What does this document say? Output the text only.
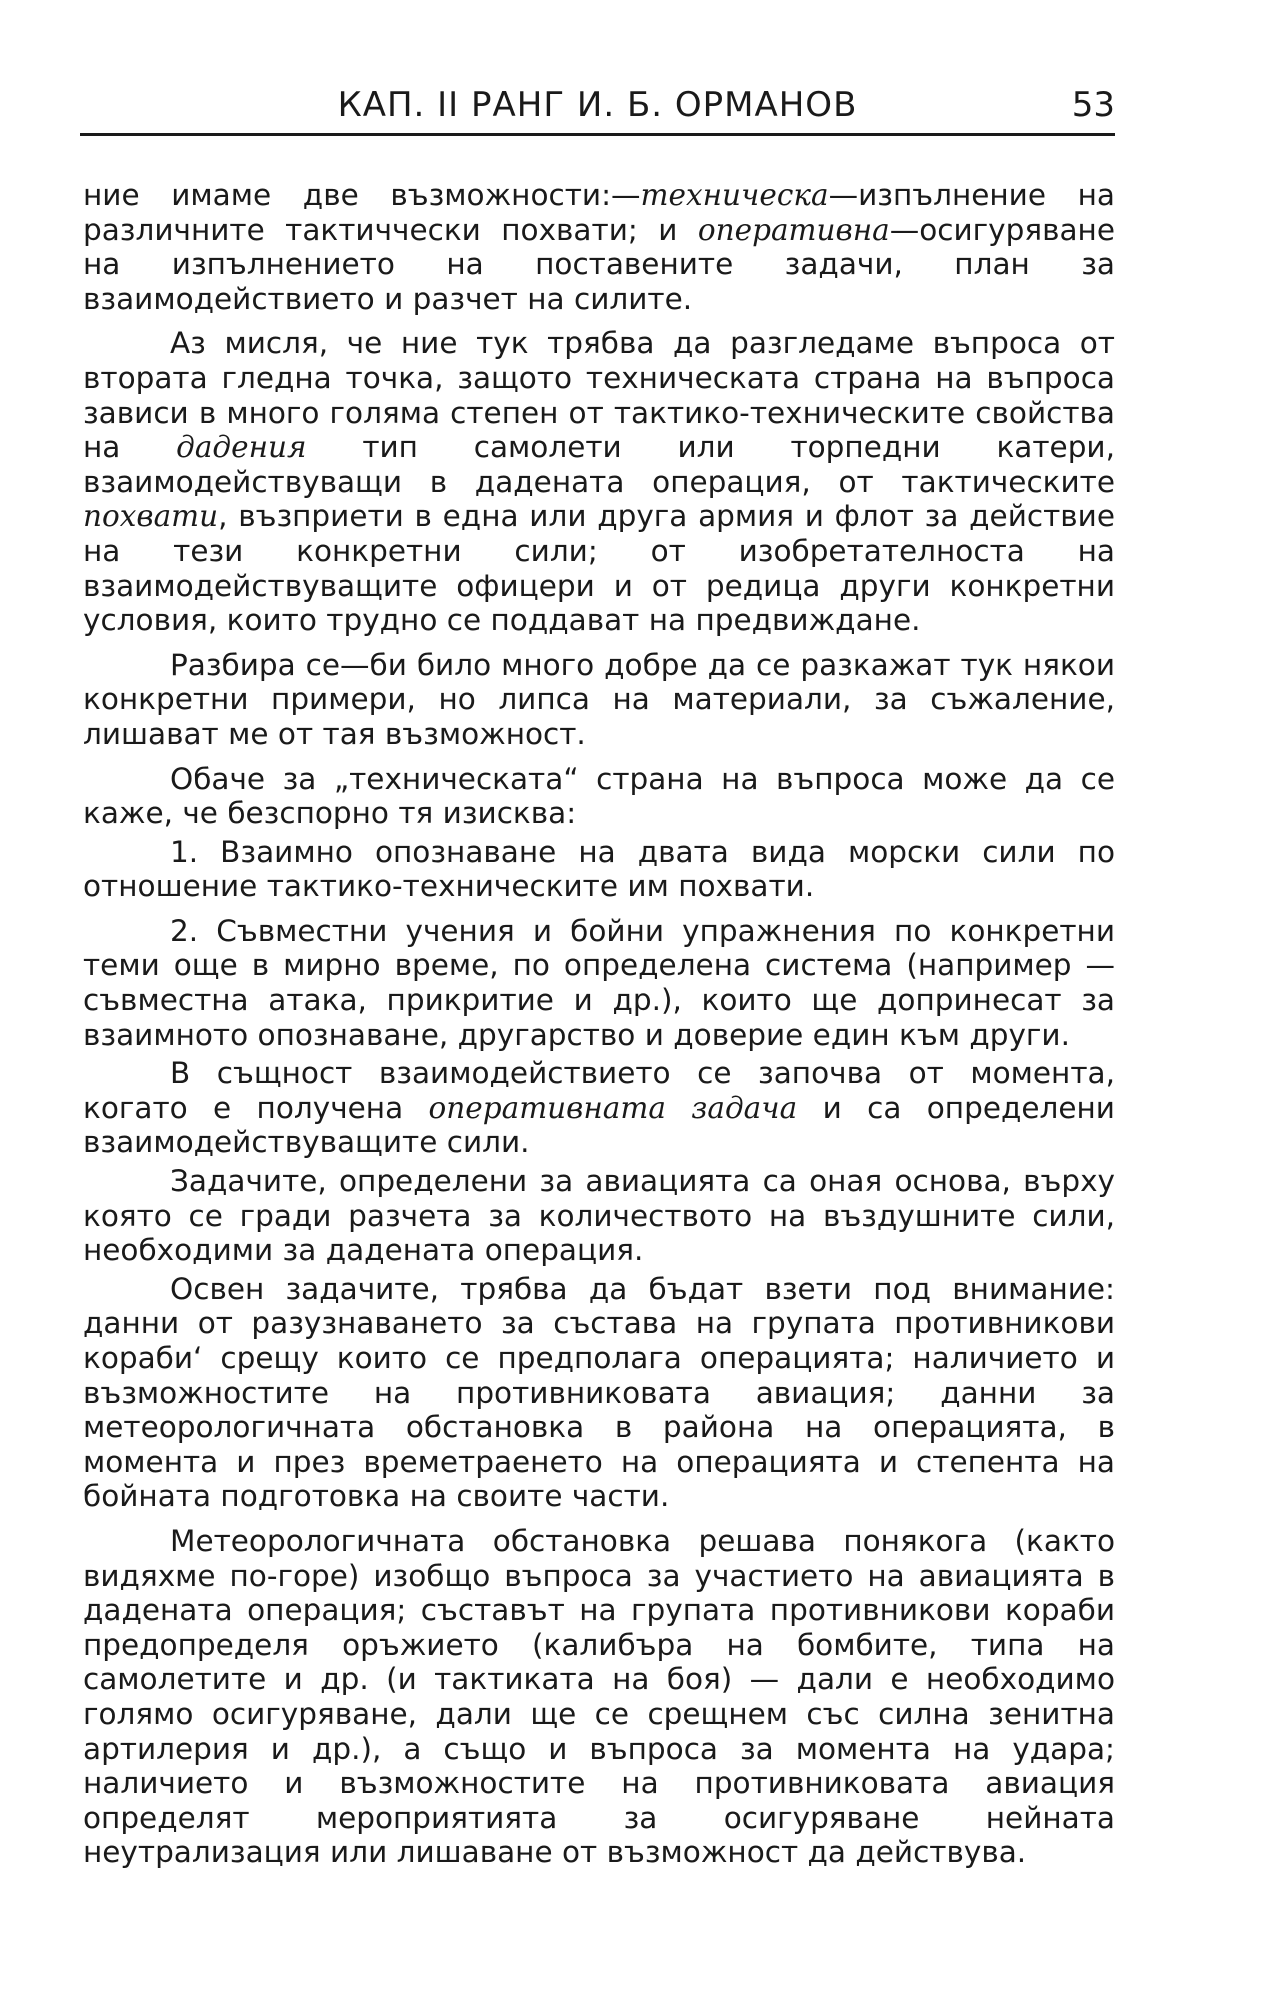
КАП. II РАНГ И. Б. ОРМАНОВ	53

ние имаме две възможности:—техническа—изпълнение на различните тактиччески похвати; и оперативна—осигуряване на изпълнението на поставените задачи, план за взаимодействието и разчет на силите.

Аз мисля, че ние тук трябва да разгледаме въпроса от втората гледна точка, защото техническата страна на въпроса зависи в много голяма степен от тактико-техническите свойства на дадения тип самолети или торпедни катери, взаимодействуващи в дадената операция, от тактическите похвати, възприети в една или друга армия и флот за действие на тези конкретни сили; от изобретателноста на взаимодействуващите офицери и от редица други конкретни условия, които трудно се поддават на предвиждане.

Разбира се—би било много добре да се разкажат тук някои конкретни примери, но липса на материали, за съжаление, лишават ме от тая възможност.

Обаче за „техническата“ страна на въпроса може да се каже, че безспорно тя изисква:

1. Взаимно опознаване на двата вида морски сили по отношение тактико-техническите им похвати.

2. Съвместни учения и бойни упражнения по конкретни теми още в мирно време, по определена система (например —съвместна атака, прикритие и др.), които ще допринесат за взаимното опознаване, другарство и доверие един към други.

В същност взаимодействието се започва от момента, когато е получена оперативната задача и са определени взаимодействуващите сили.

Задачите, определени за авиацията са оная основа, върху която се гради разчета за количеството на въздушните сили, необходими за дадената операция.

Освен задачите, трябва да бъдат взети под внимание: данни от разузнаването за състава на групата противникови кораби‘ срещу които се предполага операцията; наличието и възможностите на противниковата авиация; данни за метеорологичната обстановка в района на операцията, в момента и през времетраенето на операцията и степента на бойната подготовка на своите части.

Метеорологичната обстановка решава понякога (както видяхме по-горе) изобщо въпроса за участието на авиацията в дадената операция; съставът на групата противникови кораби предопределя оръжието (калибъра на бомбите, типа на самолетите и др. (и тактиката на боя) — дали е необходимо голямо осигуряване, дали ще се срещнем със силна зенитна артилерия и др.), а също и въпроса за момента на удара; наличието и възможностите на противниковата авиация определят мероприятията за осигуряване нейната неутрализация или лишаване от възможност да действува.
